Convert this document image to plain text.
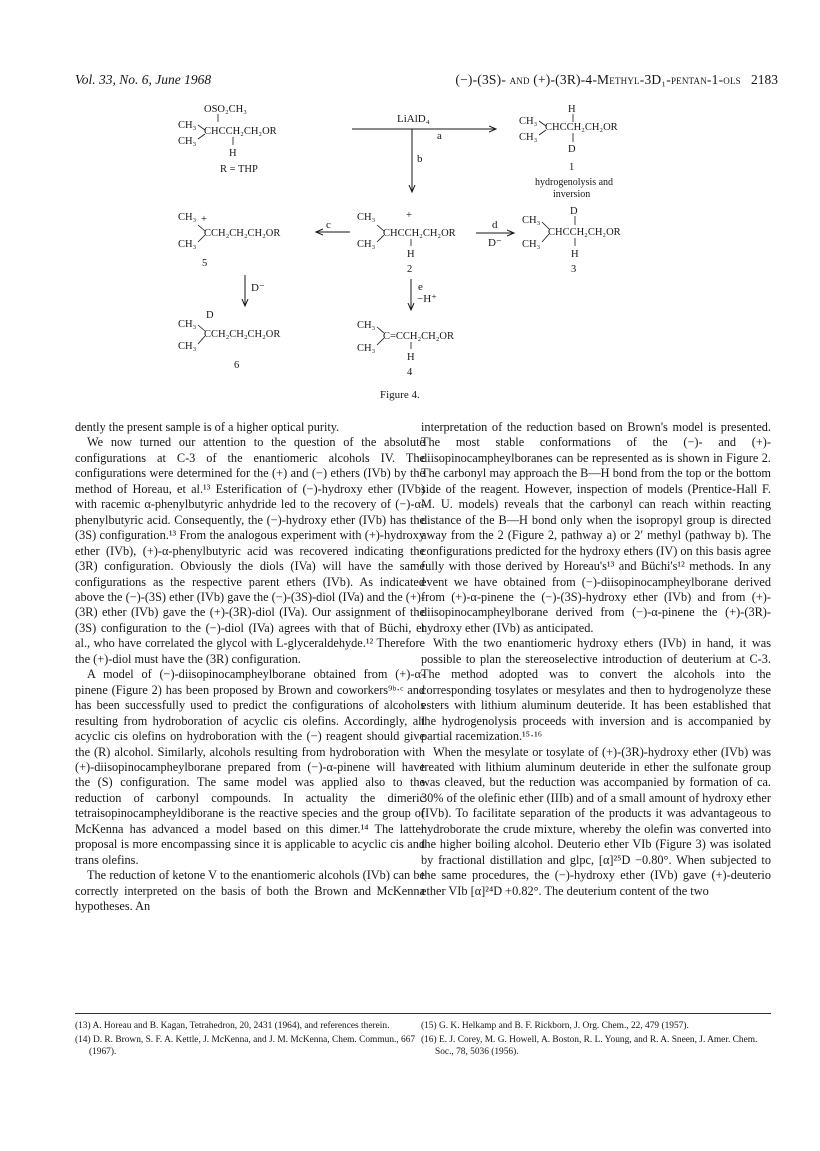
Vol. 33, No. 6, June 1968	(−)-(3S)- and (+)-(3R)-4-Methyl-3D₁-pentan-1-ols 2183
OSO₂CH₃
CH₃
CHCCH₂CH₂OR
CH₃
H
R = THP
LiAlD₄
a
b
H
CH₃
CHCCH₂CH₂OR
CH₃
D
1
hydrogenolysis and
inversion
CH₃ +
CCH₂CH₂CH₂OR
CH₃
5
c
CH₃	+
CHCCH₂CH₂OR
CH₃
H
2
d
D⁻
D
CH₃
CHCCH₂CH₂OR
CH₃
H
3
D⁻	e
−H⁺
D
CH₃
CCH₂CH₂CH₂OR
CH₃
6
CH₃
C=CCH₂CH₂OR
CH₃
H
4
Figure 4.

dently the present sample is of a higher optical purity.

We now turned our attention to the question of the absolute configurations at C-3 of the enantiomeric alcohols IV. The configurations were determined for the (+) and (−) ethers (IVb) by the method of Horeau, et al.¹³ Esterification of (−)-hydroxy ether (IVb) with racemic α-phenylbutyric anhydride led to the recovery of (−)-α-phenylbutyric acid. Consequently, the (−)-hydroxy ether (IVb) has the (3S) configuration.¹³ From the analogous experiment with (+)-hydroxy ether (IVb), (+)-α-phenylbutyric acid was recovered indicating the (3R) configuration. Obviously the diols (IVa) will have the same configurations as the respective parent ethers (IVb). As indicated above the (−)-(3S) ether (IVb) gave the (−)-(3S)-diol (IVa) and the (+)-(3R) ether (IVb) gave the (+)-(3R)-diol (IVa). Our assignment of the (3S) configuration to the (−)-diol (IVa) agrees with that of Büchi, et al., who have correlated the glycol with L-glyceraldehyde.¹² Therefore the (+)-diol must have the (3R) configuration.

A model of (−)-diisopinocampheylborane obtained from (+)-α-pinene (Figure 2) has been proposed by Brown and coworkers⁹ᵇ·ᶜ and has been successfully used to predict the configurations of alcohols resulting from hydroboration of acyclic cis olefins. Accordingly, all acyclic cis olefins on hydroboration with the (−) reagent should give the (R) alcohol. Similarly, alcohols resulting from hydroboration with (+)-diisopinocampheylborane prepared from (−)-α-pinene will have the (S) configuration. The same model was applied also to the reduction of carbonyl compounds. In actuality the dimeric tetraisopinocampheyldiborane is the reactive species and the group of McKenna has advanced a model based on this dimer.¹⁴ The latter proposal is more encompassing since it is applicable to acyclic cis and trans olefins.

The reduction of ketone V to the enantiomeric alcohols (IVb) can be correctly interpreted on the basis of both the Brown and McKenna hypotheses. An

interpretation of the reduction based on Brown's model is presented. The most stable conformations of the (−)- and (+)-diisopinocampheylboranes can be represented as is shown in Figure 2. The carbonyl may approach the B—H bond from the top or the bottom side of the reagent. However, inspection of models (Prentice-Hall F. M. U. models) reveals that the carbonyl can reach within reacting distance of the B—H bond only when the isopropyl group is directed away from the 2 (Figure 2, pathway a) or 2′ methyl (pathway b). The configurations predicted for the hydroxy ethers (IV) on this basis agree fully with those derived by Horeau's¹³ and Büchi's¹² methods. In any event we have obtained from (−)-diisopinocampheylborane derived from (+)-α-pinene the (−)-(3S)-hydroxy ether (IVb) and from (+)-diisopinocampheylborane derived from (−)-α-pinene the (+)-(3R)-hydroxy ether (IVb) as anticipated.

With the two enantiomeric hydroxy ethers (IVb) in hand, it was possible to plan the stereoselective introduction of deuterium at C-3. The method adopted was to convert the alcohols into the corresponding tosylates or mesylates and then to hydrogenolyze these esters with lithium aluminum deuteride. It has been established that the hydrogenolysis proceeds with inversion and is accompanied by partial racemization.¹⁵·¹⁶

When the mesylate or tosylate of (+)-(3R)-hydroxy ether (IVb) was treated with lithium aluminum deuteride in ether the sulfonate group was cleaved, but the reduction was accompanied by formation of ca. 30% of the olefinic ether (IIIb) and of a small amount of hydroxy ether (IVb). To facilitate separation of the products it was advantageous to hydroborate the crude mixture, whereby the olefin was converted into the higher boiling alcohol. Deuterio ether VIb (Figure 3) was isolated by fractional distillation and glpc, [α]²⁵D −0.80°. When subjected to the same procedures, the (−)-hydroxy ether (IVb) gave (+)-deuterio ether VIb [α]²⁴D +0.82°. The deuterium content of the two

(13) A. Horeau and B. Kagan, Tetrahedron, 20, 2431 (1964), and references therein.
(14) D. R. Brown, S. F. A. Kettle, J. McKenna, and J. M. McKenna, Chem. Commun., 667 (1967).
(15) G. K. Helkamp and B. F. Rickborn, J. Org. Chem., 22, 479 (1957).
(16) E. J. Corey, M. G. Howell, A. Boston, R. L. Young, and R. A. Sneen, J. Amer. Chem. Soc., 78, 5036 (1956).
